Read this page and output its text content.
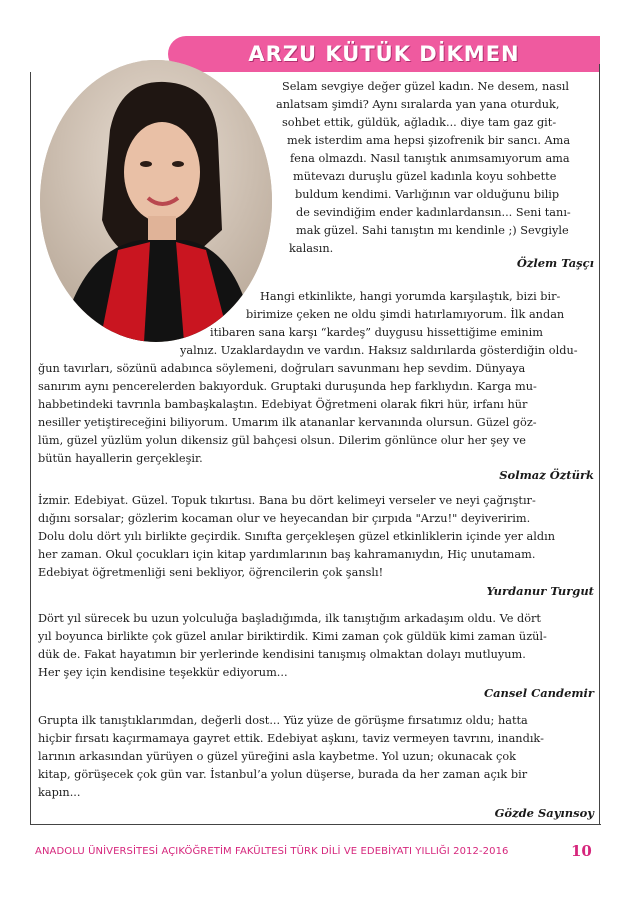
ARZU KÜTÜK DİKMEN
Selam sevgiye değer güzel kadın. Ne desem, nasıl
anlatsam şimdi? Aynı sıralarda yan yana oturduk,
sohbet ettik, güldük, ağladık... diye tam gaz git-
mek isterdim ama hepsi şizofrenik bir sancı. Ama
fena olmazdı. Nasıl tanıştık anımsamıyorum ama
mütevazı duruşlu güzel kadınla koyu sohbette
buldum kendimi. Varlığının var olduğunu bilip
de sevindiğim ender kadınlardansın... Seni tanı-
mak güzel. Sahi tanıştın mı kendinle ;) Sevgiyle
kalasın.
Özlem Taşçı
Hangi etkinlikte, hangi yorumda karşılaştık, bizi bir-
birimize çeken ne oldu şimdi hatırlamıyorum. İlk andan
itibaren sana karşı “kardeş” duygusu hissettiğime eminim
yalnız. Uzaklardaydın ve vardın. Haksız saldırılarda gösterdiğin oldu-
ğun tavırları, sözünü adabınca söylemeni, doğruları savunmanı hep sevdim. Dünyaya
sanırım aynı pencerelerden bakıyorduk. Gruptaki duruşunda hep farklıydın. Karga mu-
habbetindeki tavrınla bambaşkalaştın. Edebiyat Öğretmeni olarak fikri hür, irfanı hür
nesiller yetiştireceğini biliyorum. Umarım ilk atananlar kervanında olursun. Güzel göz-
lüm, güzel yüzlüm yolun dikensiz gül bahçesi olsun. Dilerim gönlünce olur her şey ve
bütün hayallerin gerçekleşir.
Solmaz Öztürk
İzmir. Edebiyat. Güzel. Topuk tıkırtısı. Bana bu dört kelimeyi verseler ve neyi çağrıştır-
dığını sorsalar; gözlerim kocaman olur ve heyecandan bir çırpıda "Arzu!" deyiveririm.
Dolu dolu dört yılı birlikte geçirdik. Sınıfta gerçekleşen güzel etkinliklerin içinde yer aldın
her zaman. Okul çocukları için kitap yardımlarının baş kahramanıydın, Hiç unutamam.
Edebiyat öğretmenliği seni bekliyor, öğrencilerin çok şanslı!
Yurdanur Turgut
Dört yıl sürecek bu uzun yolculuğa başladığımda, ilk tanıştığım arkadaşım oldu. Ve dört
yıl boyunca birlikte çok güzel anılar biriktirdik. Kimi zaman çok güldük kimi zaman üzül-
dük de. Fakat hayatımın bir yerlerinde kendisini tanışmış olmaktan dolayı mutluyum.
Her şey için kendisine teşekkür ediyorum...
Cansel Candemir
Grupta ilk tanıştıklarımdan, değerli dost... Yüz yüze de görüşme fırsatımız oldu; hatta
hiçbir fırsatı kaçırmamaya gayret ettik. Edebiyat aşkını, taviz vermeyen tavrını, inandık-
larının arkasından yürüyen o güzel yüreğini asla kaybetme. Yol uzun; okunacak çok
kitap, görüşecek çok gün var. İstanbul’a yolun düşerse, burada da her zaman açık bir
kapın...
Gözde Sayınsoy
ANADOLU ÜNİVERSİTESİ AÇIKÖĞRETİM FAKÜLTESİ TÜRK DİLİ VE EDEBİYATI YILLIĞI 2012-2016	10
